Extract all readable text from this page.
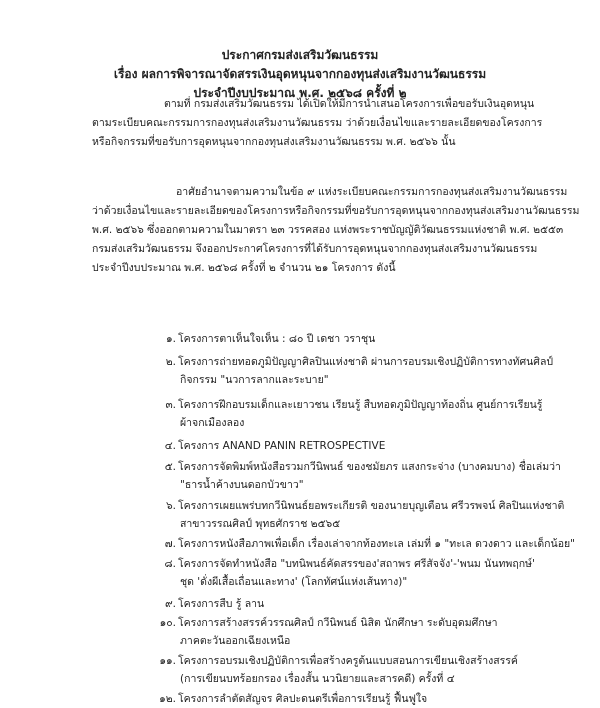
ประกาศกรมส่งเสริมวัฒนธรรม
เรื่อง ผลการพิจารณาจัดสรรเงินอุดหนุนจากกองทุนส่งเสริมงานวัฒนธรรม
ประจำปีงบประมาณ พ.ศ. ๒๕๖๘ ครั้งที่ ๒
ตามที่ กรมส่งเสริมวัฒนธรรม ได้เปิดให้มีการนำเสนอโครงการเพื่อขอรับเงินอุดหนุน
ตามระเบียบคณะกรรมการกองทุนส่งเสริมงานวัฒนธรรม ว่าด้วยเงื่อนไขและรายละเอียดของโครงการ
หรือกิจกรรมที่ขอรับการอุดหนุนจากกองทุนส่งเสริมงานวัฒนธรรม พ.ศ. ๒๕๖๖ นั้น
อาศัยอำนาจตามความในข้อ ๙ แห่งระเบียบคณะกรรมการกองทุนส่งเสริมงานวัฒนธรรม
ว่าด้วยเงื่อนไขและรายละเอียดของโครงการหรือกิจกรรมที่ขอรับการอุดหนุนจากกองทุนส่งเสริมงานวัฒนธรรม
พ.ศ. ๒๕๖๖ ซึ่งออกตามความในมาตรา ๒๓ วรรคสอง แห่งพระราชบัญญัติวัฒนธรรมแห่งชาติ พ.ศ. ๒๕๕๓
กรมส่งเสริมวัฒนธรรม จึงออกประกาศโครงการที่ได้รับการอุดหนุนจากกองทุนส่งเสริมงานวัฒนธรรม
ประจำปีงบประมาณ พ.ศ. ๒๕๖๘ ครั้งที่ ๒ จำนวน ๒๑ โครงการ ดังนี้
๑. โครงการตาเห็นใจเห็น : ๘๐ ปี เดชา วราชุน
๒. โครงการถ่ายทอดภูมิปัญญาศิลปินแห่งชาติ ผ่านการอบรมเชิงปฏิบัติการทางทัศนศิลป์
กิจกรรม "นวการลากและระบาย"
๓. โครงการฝึกอบรมเด็กและเยาวชน เรียนรู้ สืบทอดภูมิปัญญาท้องถิ่น ศูนย์การเรียนรู้
ผ้าจกเมืองลอง
๔. โครงการ ANAND PANIN RETROSPECTIVE
๕. โครงการจัดพิมพ์หนังสือรวมกวีนิพนธ์ ของชมัยภร แสงกระจ่าง (บางคมบาง) ชื่อเล่มว่า
"ธารน้ำค้างบนดอกบัวขาว"
๖. โครงการเผยแพร่บทกวีนิพนธ์ยอพระเกียรติ ของนายบุญเตือน ศรีวรพจน์ ศิลปินแห่งชาติ
สาขาวรรณศิลป์ พุทธศักราช ๒๕๖๕
๗. โครงการหนังสือภาพเพื่อเด็ก เรื่องเล่าจากท้องทะเล เล่มที่ ๑ "ทะเล ดวงดาว และเด็กน้อย"
๘. โครงการจัดทำหนังสือ "บทนิพนธ์คัดสรรของ'สถาพร ศรีสัจจัง'-'พนม นันทพฤกษ์'
ชุด 'ดั่งผีเสื้อเถื่อนและทาง' (โลกทัศน์แห่งเส้นทาง)"
๙. โครงการสืบ รู้ ลาน
๑๐. โครงการสร้างสรรค์วรรณศิลป์ กวีนิพนธ์ นิสิต นักศึกษา ระดับอุดมศึกษา
ภาคตะวันออกเฉียงเหนือ
๑๑. โครงการอบรมเชิงปฏิบัติการเพื่อสร้างครูต้นแบบสอนการเขียนเชิงสร้างสรรค์
(การเขียนบทร้อยกรอง เรื่องสั้น นวนิยายและสารคดี) ครั้งที่ ๔
๑๒. โครงการลำตัดสัญจร ศิลปะดนตรีเพื่อการเรียนรู้ ฟื้นฟูใจ
